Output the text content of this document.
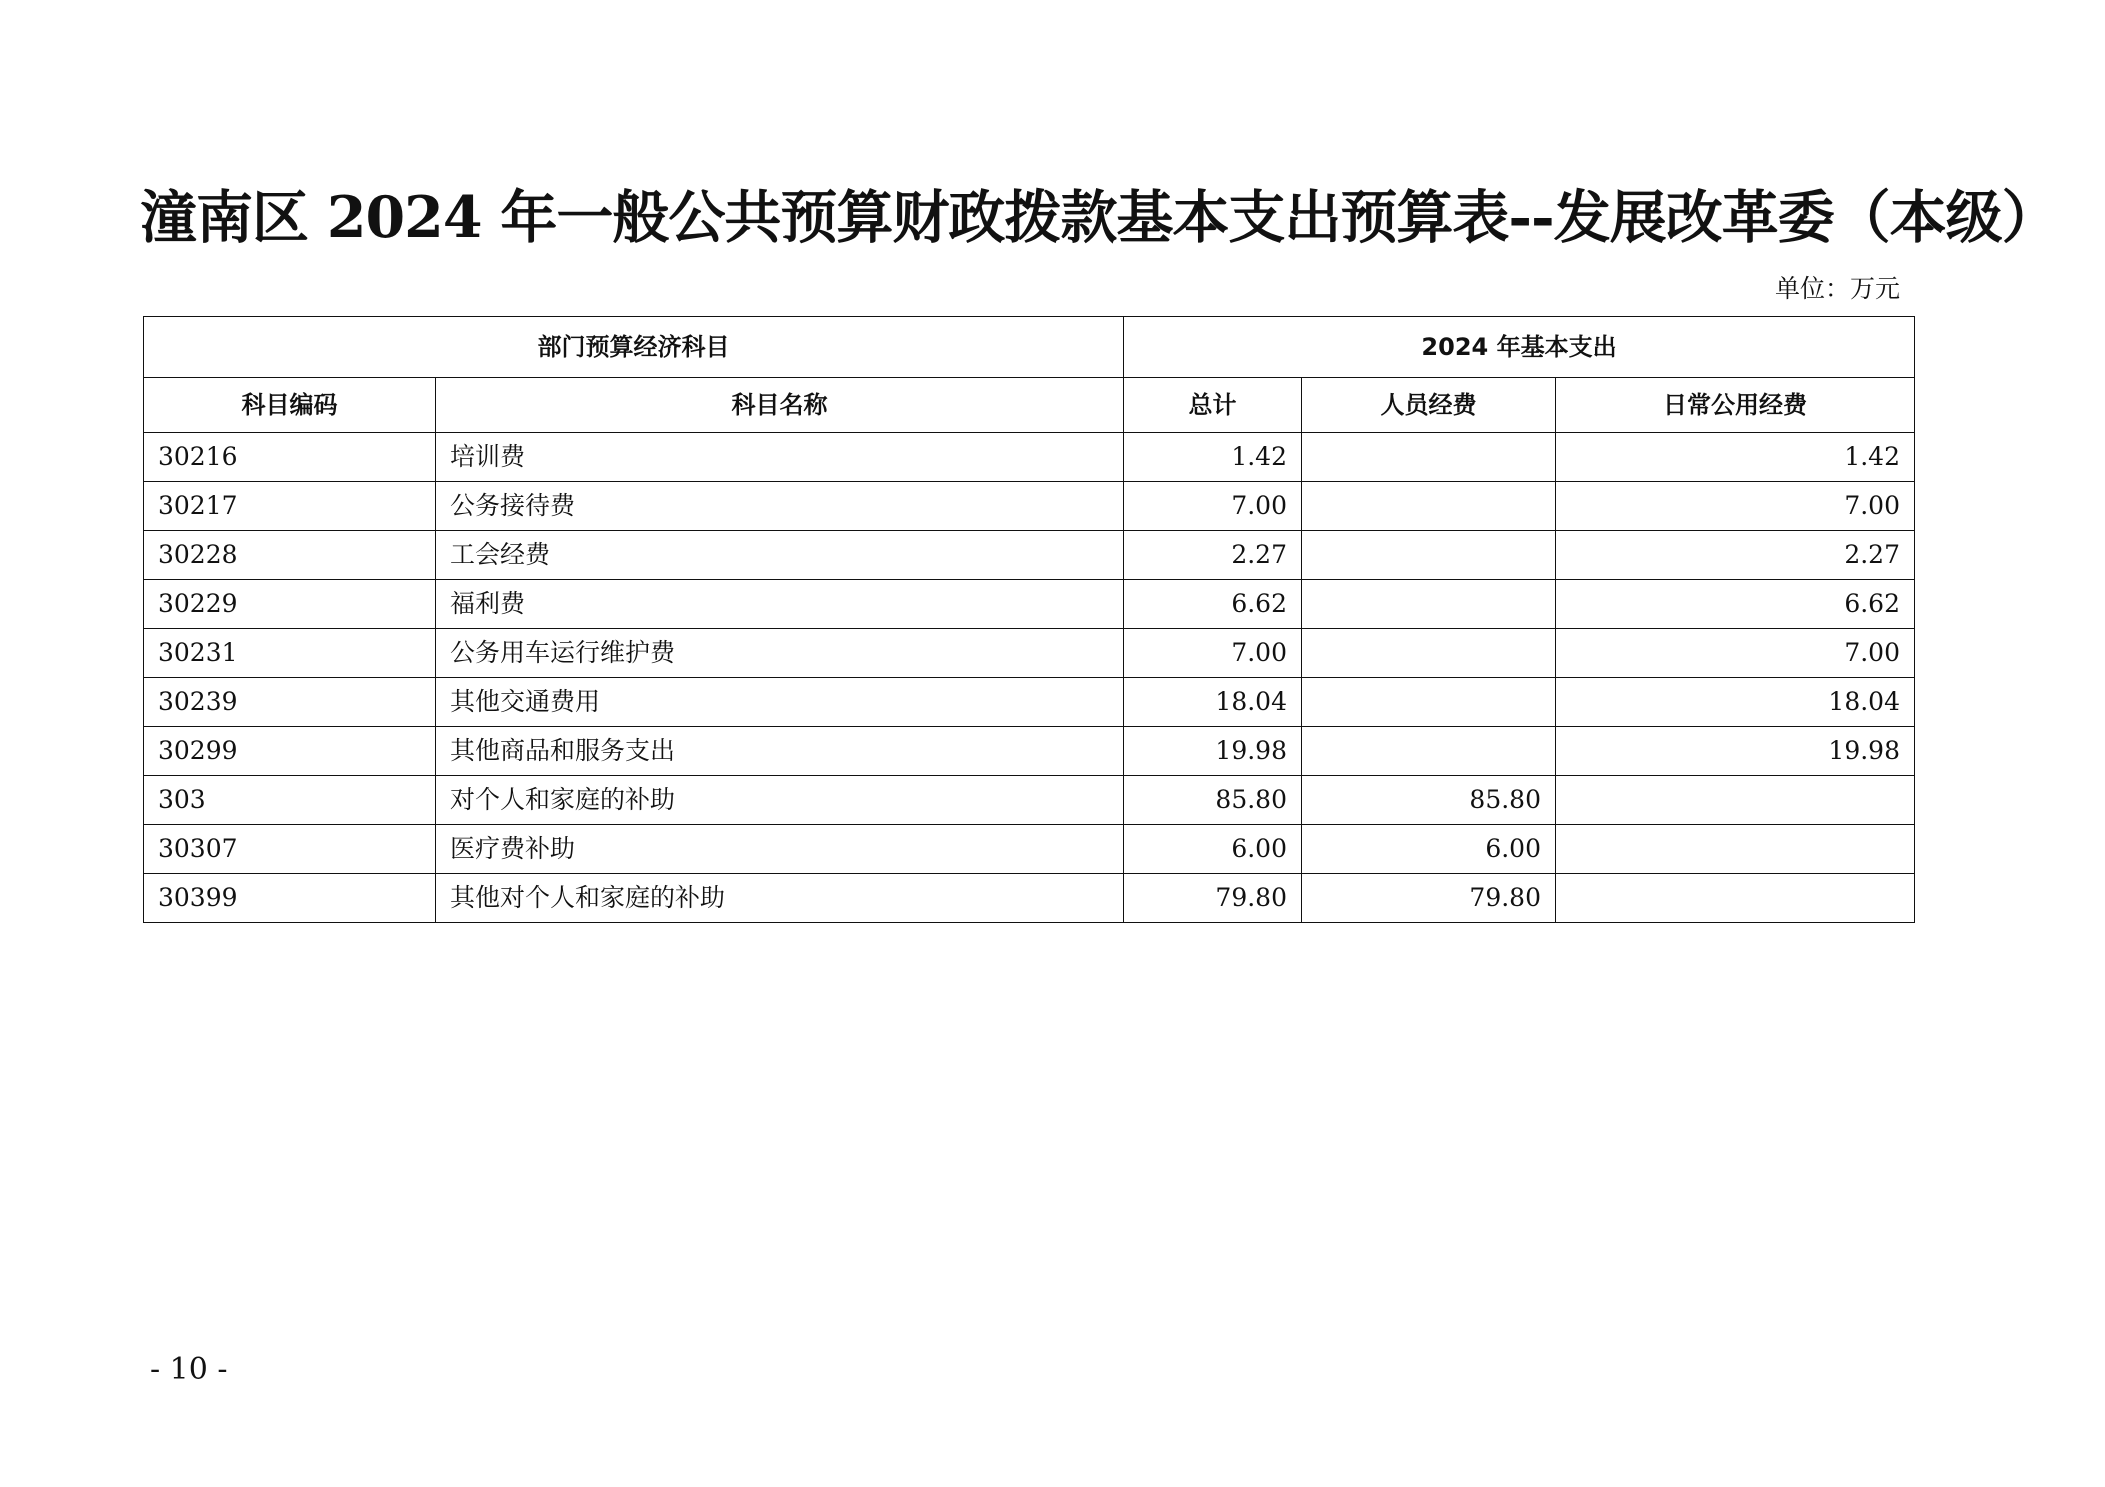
潼南区 2024 年一般公共预算财政拨款基本支出预算表--发展改革委（本级）
单位：万元
部门预算经济科目		2024 年基本支出		
科目编码	科目名称	总计	人员经费	日常公用经费
30216	培训费	1.42		1.42
30217	公务接待费	7.00		7.00
30228	工会经费	2.27		2.27
30229	福利费	6.62		6.62
30231	公务用车运行维护费	7.00		7.00
30239	其他交通费用	18.04		18.04
30299	其他商品和服务支出	19.98		19.98
303	对个人和家庭的补助	85.80	85.80	
30307	医疗费补助	6.00	6.00	
30399	其他对个人和家庭的补助	79.80	79.80	
- 10 -
